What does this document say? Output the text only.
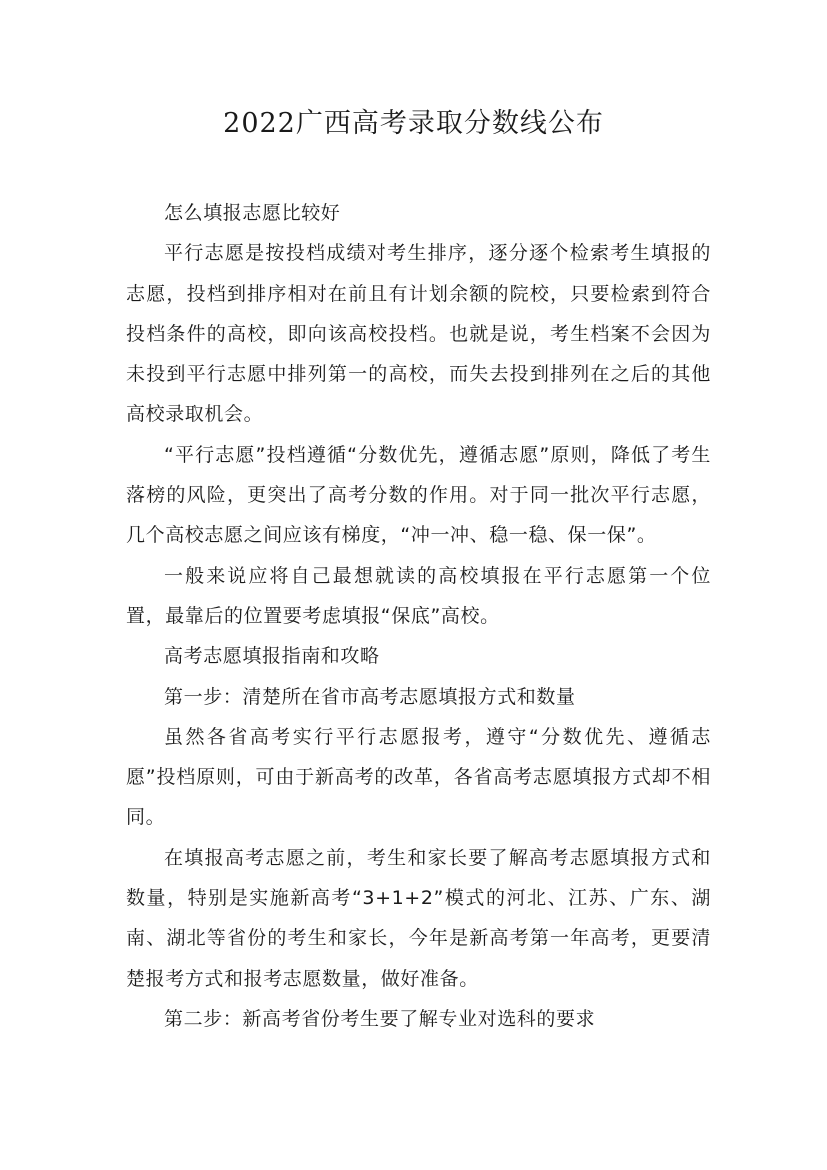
2022广西高考录取分数线公布

怎么填报志愿比较好

平行志愿是按投档成绩对考生排序，逐分逐个检索考生填报的志愿，投档到排序相对在前且有计划余额的院校，只要检索到符合投档条件的高校，即向该高校投档。也就是说，考生档案不会因为未投到平行志愿中排列第一的高校，而失去投到排列在之后的其他高校录取机会。

“平行志愿”投档遵循“分数优先，遵循志愿”原则，降低了考生落榜的风险，更突出了高考分数的作用。对于同一批次平行志愿，几个高校志愿之间应该有梯度，“冲一冲、稳一稳、保一保”。

一般来说应将自己最想就读的高校填报在平行志愿第一个位置，最靠后的位置要考虑填报“保底”高校。

高考志愿填报指南和攻略

第一步：清楚所在省市高考志愿填报方式和数量

虽然各省高考实行平行志愿报考，遵守“分数优先、遵循志愿”投档原则，可由于新高考的改革，各省高考志愿填报方式却不相同。

在填报高考志愿之前，考生和家长要了解高考志愿填报方式和数量，特别是实施新高考“3+1+2”模式的河北、江苏、广东、湖南、湖北等省份的考生和家长，今年是新高考第一年高考，更要清楚报考方式和报考志愿数量，做好准备。

第二步：新高考省份考生要了解专业对选科的要求
